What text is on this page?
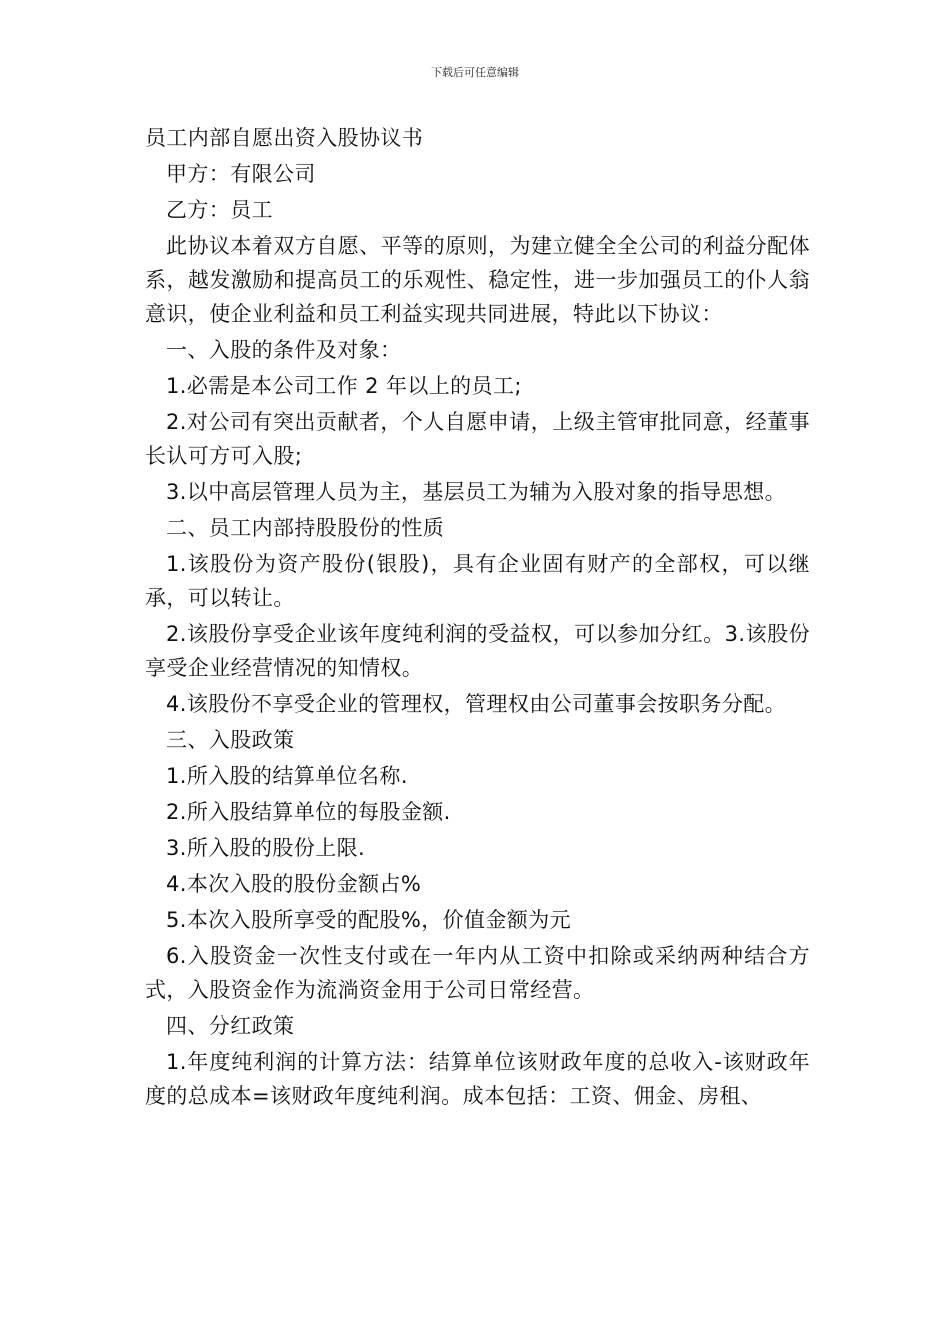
下载后可任意编辑

员工内部自愿出资入股协议书

甲方：有限公司

乙方：员工

此协议本着双方自愿、平等的原则，为建立健全全公司的利益分配体系，越发激励和提高员工的乐观性、稳定性，进一步加强员工的仆人翁意识，使企业利益和员工利益实现共同进展，特此以下协议：

一、入股的条件及对象：

1.必需是本公司工作 2 年以上的员工;

2.对公司有突出贡献者，个人自愿申请，上级主管审批同意，经董事长认可方可入股;

3.以中高层管理人员为主，基层员工为辅为入股对象的指导思想。

二、员工内部持股股份的性质

1.该股份为资产股份(银股)，具有企业固有财产的全部权，可以继承，可以转让。

2.该股份享受企业该年度纯利润的受益权，可以参加分红。3.该股份享受企业经营情况的知情权。

4.该股份不享受企业的管理权，管理权由公司董事会按职务分配。

三、入股政策

1.所入股的结算单位名称.

2.所入股结算单位的每股金额.

3.所入股的股份上限.

4.本次入股的股份金额占%

5.本次入股所享受的配股%，价值金额为元

6.入股资金一次性支付或在一年内从工资中扣除或采纳两种结合方式，入股资金作为流淌资金用于公司日常经营。

四、分红政策

1.年度纯利润的计算方法：结算单位该财政年度的总收入-该财政年度的总成本=该财政年度纯利润。成本包括：工资、佣金、房租、
